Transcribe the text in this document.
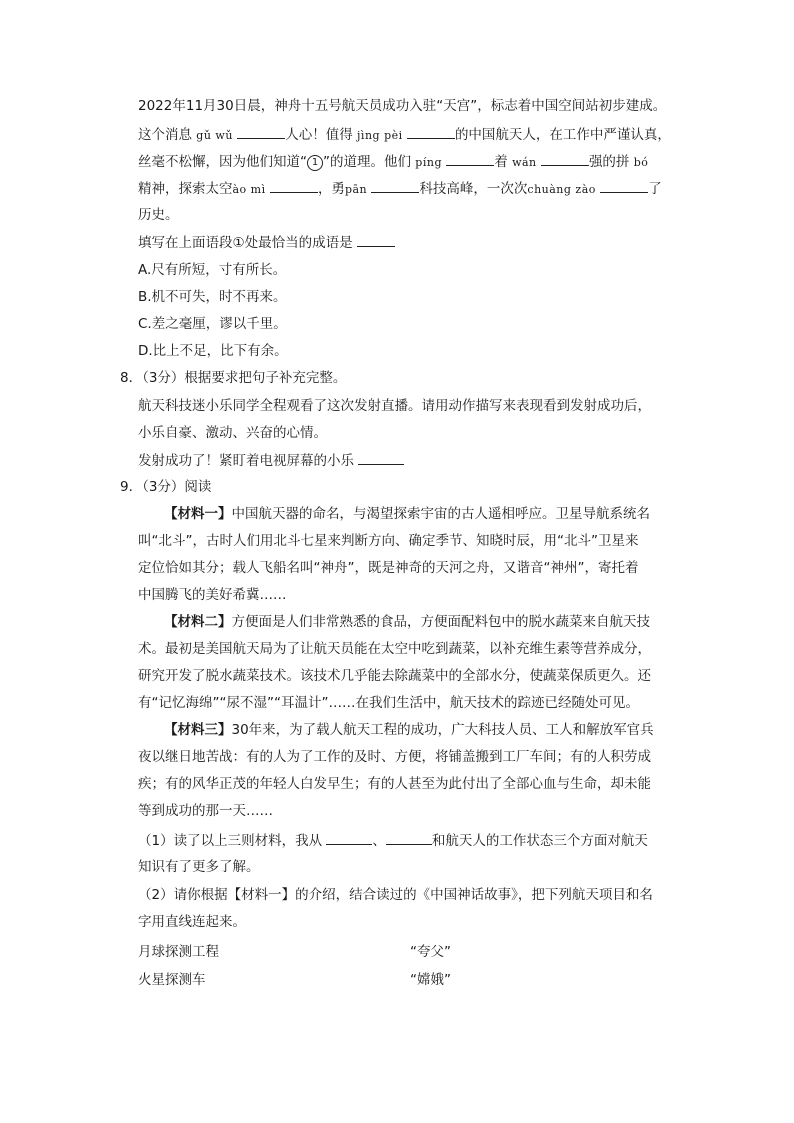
2022年11月30日晨，神舟十五号航天员成功入驻“天宫”，标志着中国空间站初步建成。
这个消息 gǔ wǔ	人心！值得 jìng pèi	的中国航天人，在工作中严谨认真，
丝毫不松懈，因为他们知道“ 1 ”的道理。他们 píng	着 wán	强的拼 bó
精神，探索太空ào mì	，勇pān	科技高峰，一次次chuàng zào	了
历史。
填写在上面语段①处最恰当的成语是
A.尺有所短，寸有所长。
B.机不可失，时不再来。
C.差之毫厘，谬以千里。
D.比上不足，比下有余。
8．（3分）根据要求把句子补充完整。
航天科技迷小乐同学全程观看了这次发射直播。请用动作描写来表现看到发射成功后，
小乐自豪、激动、兴奋的心情。
发射成功了！紧盯着电视屏幕的小乐
9．（3分）阅读
【材料一】中国航天器的命名，与渴望探索宇宙的古人遥相呼应。卫星导航系统名
叫“北斗”，古时人们用北斗七星来判断方向、确定季节、知晓时辰，用“北斗”卫星来
定位恰如其分；载人飞船名叫“神舟”，既是神奇的天河之舟，又谐音“神州”，寄托着
中国腾飞的美好希冀……
【材料二】方便面是人们非常熟悉的食品，方便面配料包中的脱水蔬菜来自航天技
术。最初是美国航天局为了让航天员能在太空中吃到蔬菜，以补充维生素等营养成分，
研究开发了脱水蔬菜技术。该技术几乎能去除蔬菜中的全部水分，使蔬菜保质更久。还
有“记忆海绵”“尿不湿”“耳温计”……在我们生活中，航天技术的踪迹已经随处可见。
【材料三】30年来，为了载人航天工程的成功，广大科技人员、工人和解放军官兵
夜以继日地苦战：有的人为了工作的及时、方便，将铺盖搬到工厂车间；有的人积劳成
疾；有的风华正茂的年轻人白发早生；有的人甚至为此付出了全部心血与生命，却未能
等到成功的那一天……
（1）读了以上三则材料，我从	、	和航天人的工作状态三个方面对航天
知识有了更多了解。
（2）请你根据【材料一】的介绍，结合读过的《中国神话故事》，把下列航天项目和名
字用直线连起来。
月球探测工程	“夸父”
火星探测车	“嫦娥”
